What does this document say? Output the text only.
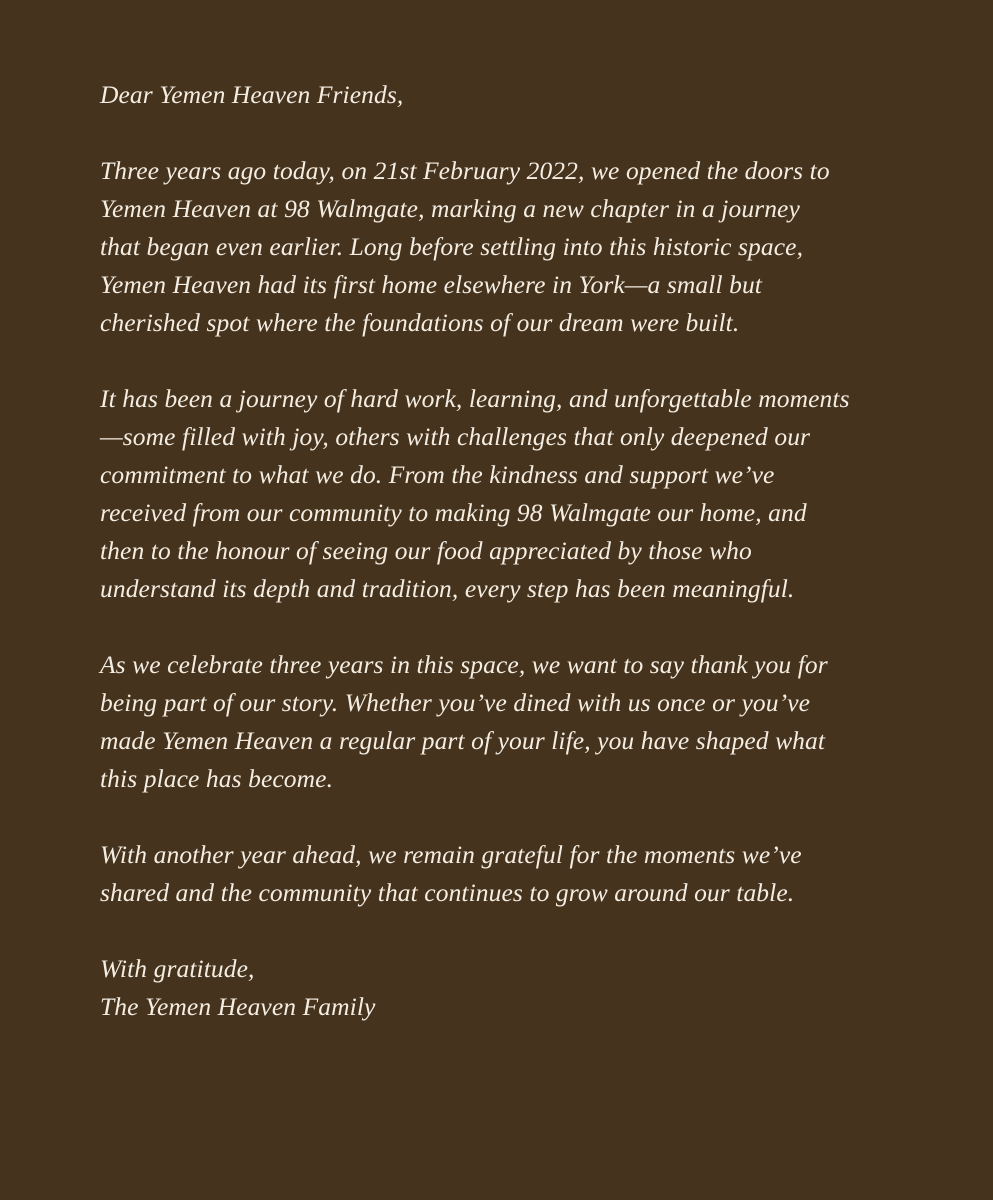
Dear Yemen Heaven Friends,
Three years ago today, on 21st February 2022, we opened the doors to
Yemen Heaven at 98 Walmgate, marking a new chapter in a journey
that began even earlier. Long before settling into this historic space,
Yemen Heaven had its first home elsewhere in York—a small but
cherished spot where the foundations of our dream were built.
It has been a journey of hard work, learning, and unforgettable moments
—some filled with joy, others with challenges that only deepened our
commitment to what we do. From the kindness and support we’ve
received from our community to making 98 Walmgate our home, and
then to the honour of seeing our food appreciated by those who
understand its depth and tradition, every step has been meaningful.
As we celebrate three years in this space, we want to say thank you for
being part of our story. Whether you’ve dined with us once or you’ve
made Yemen Heaven a regular part of your life, you have shaped what
this place has become.
With another year ahead, we remain grateful for the moments we’ve
shared and the community that continues to grow around our table.
With gratitude,
The Yemen Heaven Family
